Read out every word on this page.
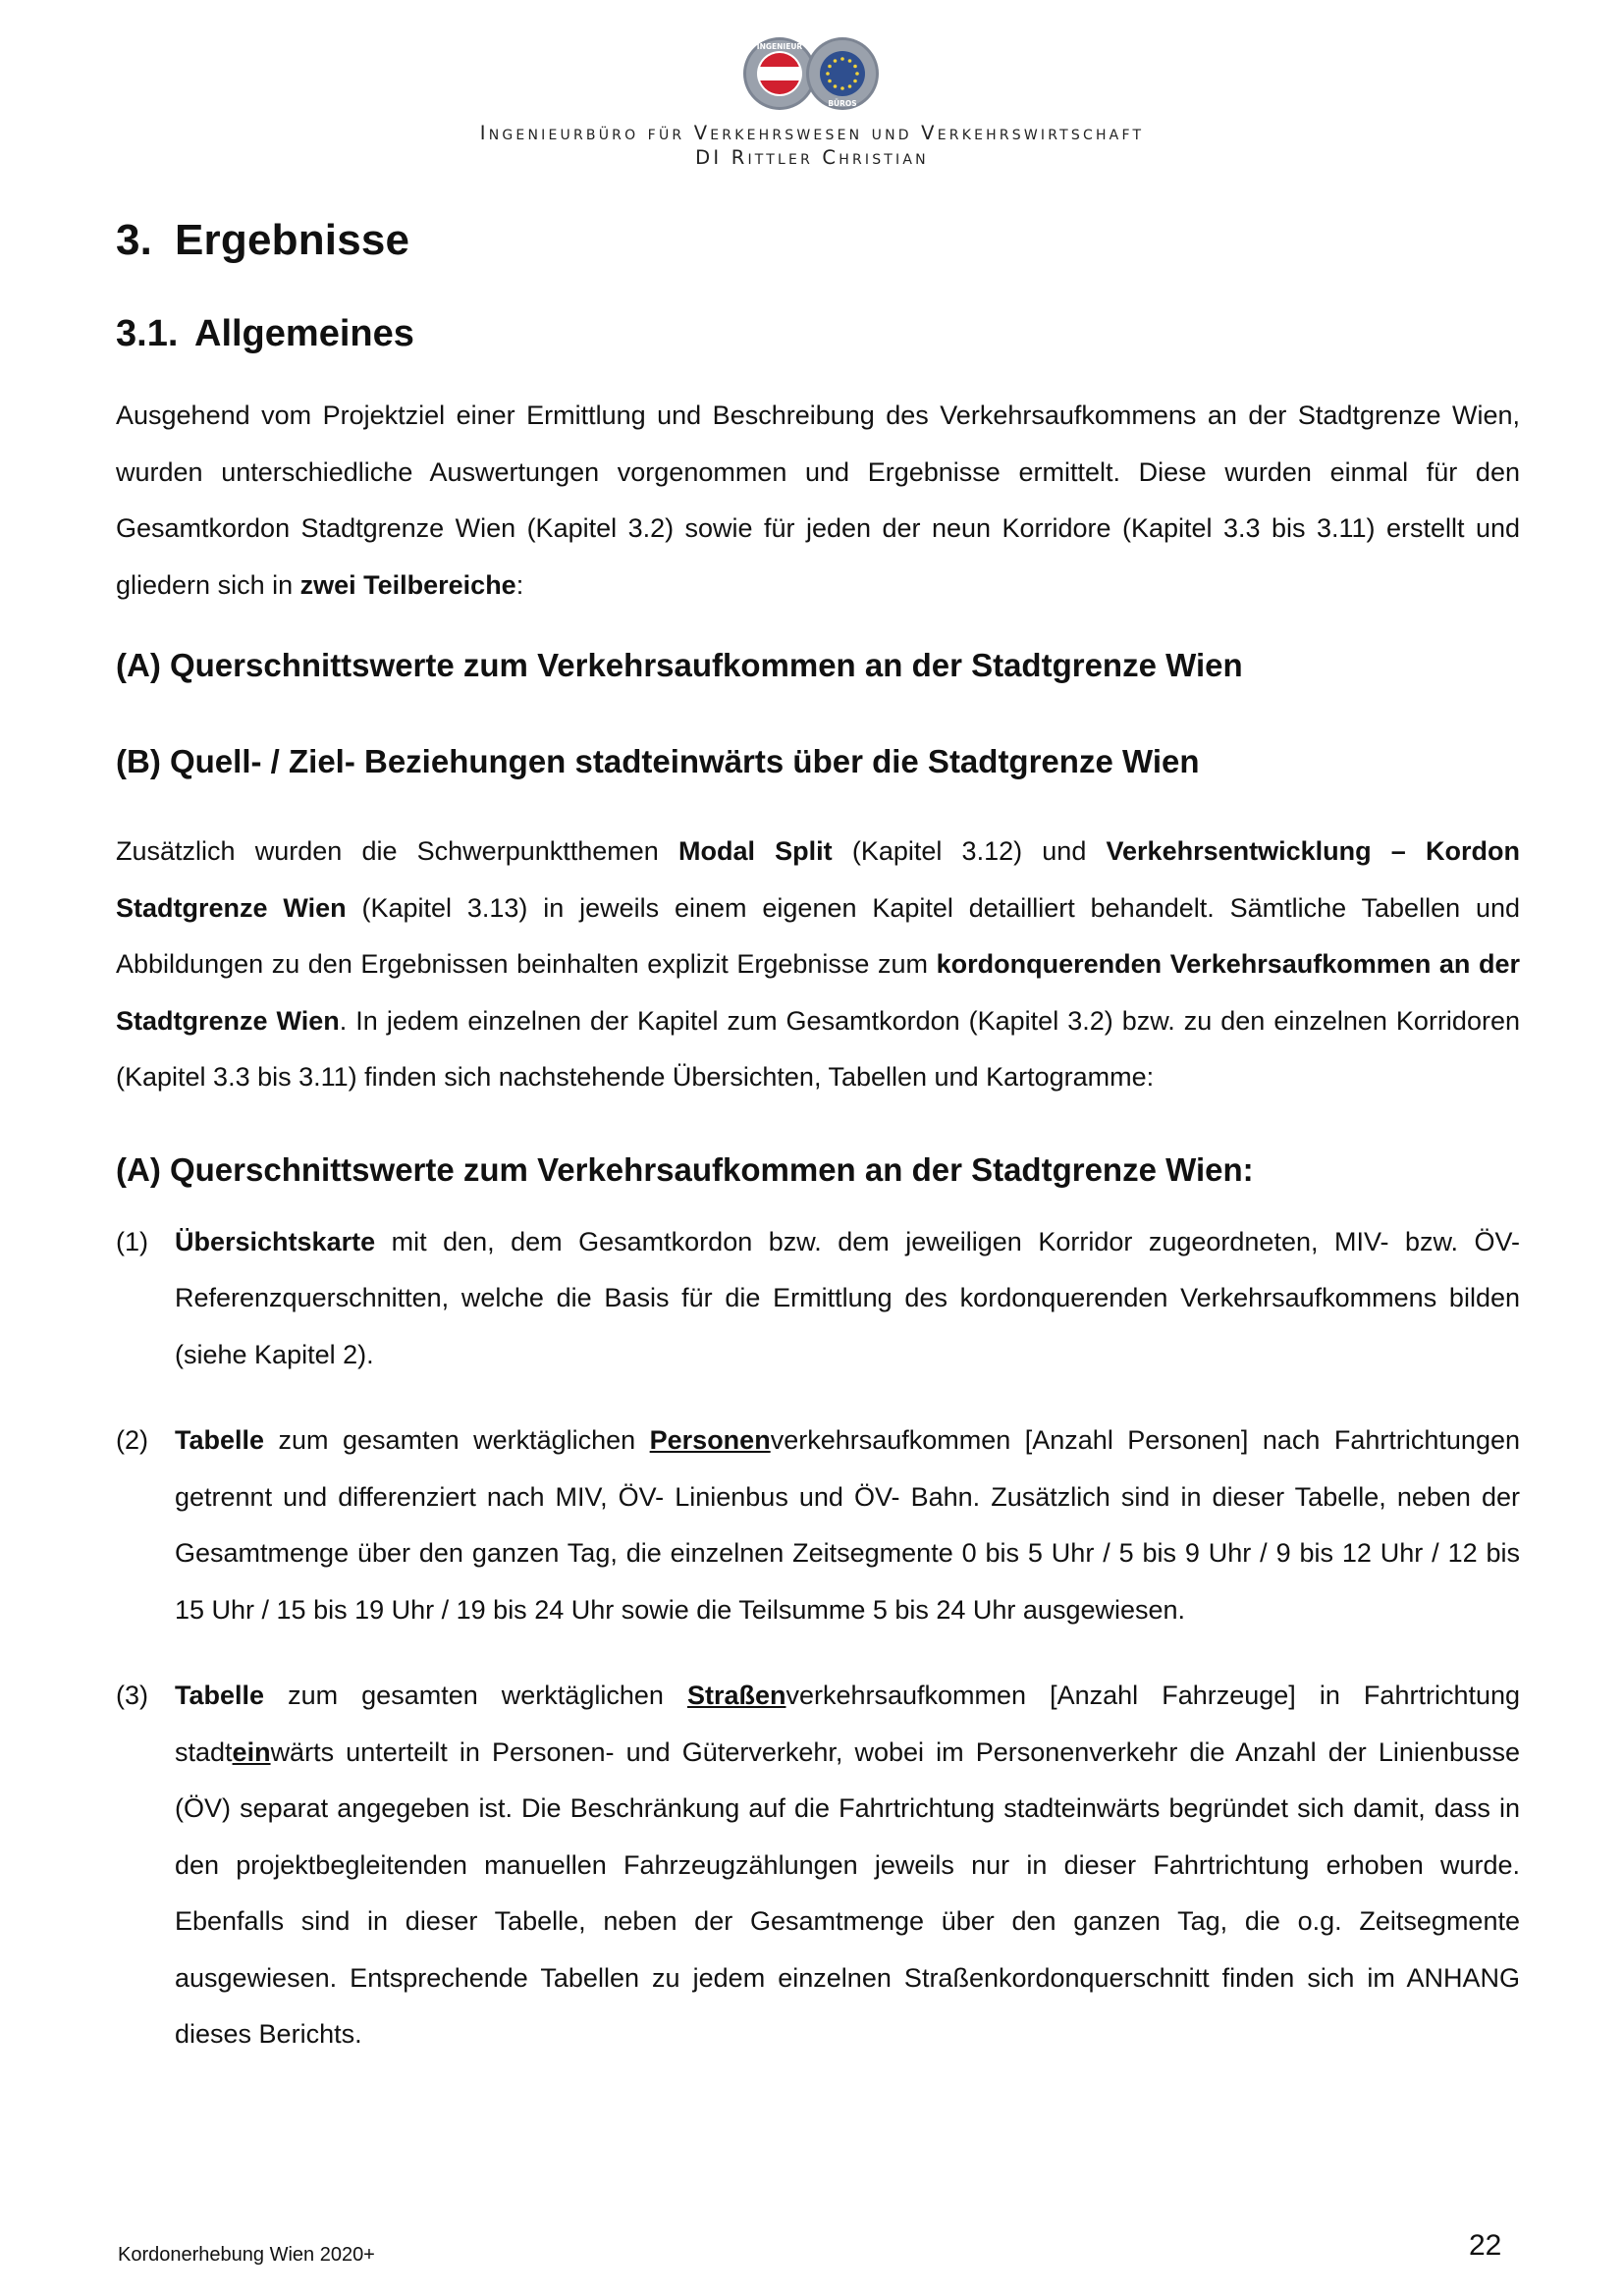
INGENIEUR
BÜROS
Ingenieurbüro für Verkehrswesen und Verkehrswirtschaft
DI Rittler Christian
3. Ergebnisse
3.1. Allgemeines

Ausgehend vom Projektziel einer Ermittlung und Beschreibung des Verkehrsaufkommens an der Stadtgrenze Wien, wurden unterschiedliche Auswertungen vorgenommen und Ergebnisse ermittelt. Diese wurden einmal für den Gesamtkordon Stadtgrenze Wien (Kapitel 3.2) sowie für jeden der neun Korridore (Kapitel 3.3 bis 3.11) erstellt und gliedern sich in zwei Teilbereiche:

(A) Querschnittswerte zum Verkehrsaufkommen an der Stadtgrenze Wien
(B) Quell- / Ziel- Beziehungen stadteinwärts über die Stadtgrenze Wien

Zusätzlich wurden die Schwerpunktthemen Modal Split (Kapitel 3.12) und Verkehrsentwicklung – Kordon Stadtgrenze Wien (Kapitel 3.13) in jeweils einem eigenen Kapitel detailliert behandelt. Sämtliche Tabellen und Abbildungen zu den Ergebnissen beinhalten explizit Ergebnisse zum kordonquerenden Verkehrsaufkommen an der Stadtgrenze Wien. In jedem einzelnen der Kapitel zum Gesamtkordon (Kapitel 3.2) bzw. zu den einzelnen Korridoren (Kapitel 3.3 bis 3.11) finden sich nachstehende Übersichten, Tabellen und Kartogramme:

(A) Querschnittswerte zum Verkehrsaufkommen an der Stadtgrenze Wien:
(1) Übersichtskarte mit den, dem Gesamtkordon bzw. dem jeweiligen Korridor zugeordneten, MIV- bzw. ÖV-Referenzquerschnitten, welche die Basis für die Ermittlung des kordonquerenden Verkehrsaufkommens bilden (siehe Kapitel 2).
(2) Tabelle zum gesamten werktäglichen Personenverkehrsaufkommen [Anzahl Personen] nach Fahrtrichtungen getrennt und differenziert nach MIV, ÖV- Linienbus und ÖV- Bahn. Zusätzlich sind in dieser Tabelle, neben der Gesamtmenge über den ganzen Tag, die einzelnen Zeitsegmente 0 bis 5 Uhr / 5 bis 9 Uhr / 9 bis 12 Uhr / 12 bis 15 Uhr / 15 bis 19 Uhr / 19 bis 24 Uhr sowie die Teilsumme 5 bis 24 Uhr ausgewiesen.
(3) Tabelle zum gesamten werktäglichen Straßenverkehrsaufkommen [Anzahl Fahrzeuge] in Fahrtrichtung stadteinwärts unterteilt in Personen- und Güterverkehr, wobei im Personenverkehr die Anzahl der Linienbusse (ÖV) separat angegeben ist. Die Beschränkung auf die Fahrtrichtung stadteinwärts begründet sich damit, dass in den projektbegleitenden manuellen Fahrzeugzählungen jeweils nur in dieser Fahrtrichtung erhoben wurde. Ebenfalls sind in dieser Tabelle, neben der Gesamtmenge über den ganzen Tag, die o.g. Zeitsegmente ausgewiesen. Entsprechende Tabellen zu jedem einzelnen Straßenkordonquerschnitt finden sich im ANHANG dieses Berichts.
Kordonerhebung Wien 2020+	22
